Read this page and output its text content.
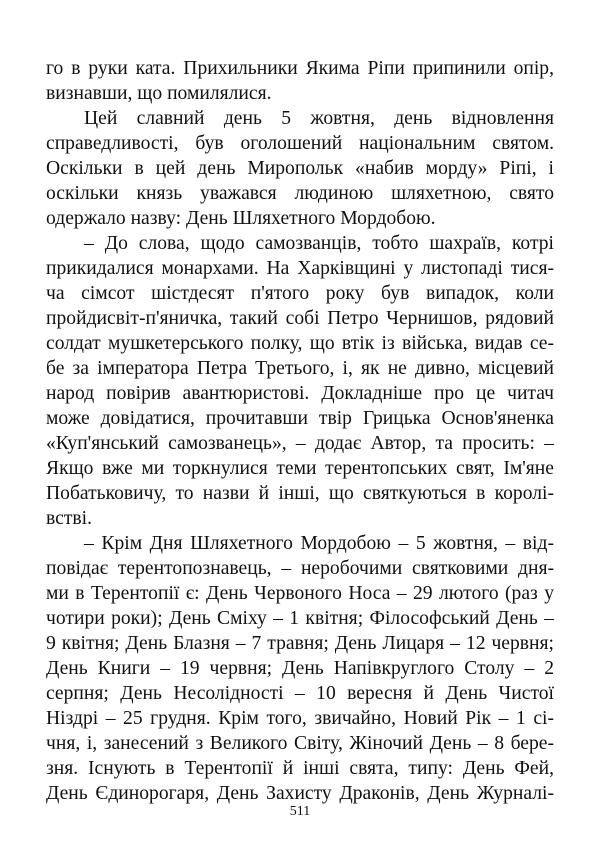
го в руки ката. Прихильники Якима Ріпи припинили опір,
визнавши, що помилялися.
Цей славний день 5 жовтня, день відновлення
справедливості, був оголошений національним святом.
Оскільки в цей день Миропольк «набив морду» Ріпі, і
оскільки князь уважався людиною шляхетною, свято
одержало назву: День Шляхетного Мордобою.
– До слова, щодо самозванців, тобто шахраїв, котрі
прикидалися монархами. На Харківщині у листопаді тися-
ча сімсот шістдесят п'ятого року був випадок, коли
пройдисвіт-п'яничка, такий собі Петро Чернишов, рядовий
солдат мушкетерського полку, що втік із війська, видав се-
бе за імператора Петра Третього, і, як не дивно, місцевий
народ повірив авантюристові. Докладніше про це читач
може довідатися, прочитавши твір Грицька Основ'яненка
«Куп'янський самозванець», – додає Автор, та просить: –
Якщо вже ми торкнулися теми терентопських свят, Ім'яне
Побатьковичу, то назви й інші, що святкуються в королі-
встві.
– Крім Дня Шляхетного Мордобою – 5 жовтня, – від-
повідає терентопознавець, – неробочими святковими дня-
ми в Терентопії є: День Червоного Носа – 29 лютого (раз у
чотири роки); День Сміху – 1 квітня; Філософський День –
9 квітня; День Блазня – 7 травня; День Лицаря – 12 червня;
День Книги – 19 червня; День Напівкруглого Столу – 2
серпня; День Несолідності – 10 вересня й День Чистої
Ніздрі – 25 грудня. Крім того, звичайно, Новий Рік – 1 сі-
чня, і, занесений з Великого Світу, Жіночий День – 8 бере-
зня. Існують в Терентопії й інші свята, типу: День Фей,
День Єдинорогаря, День Захисту Драконів, День Журналі-
511
